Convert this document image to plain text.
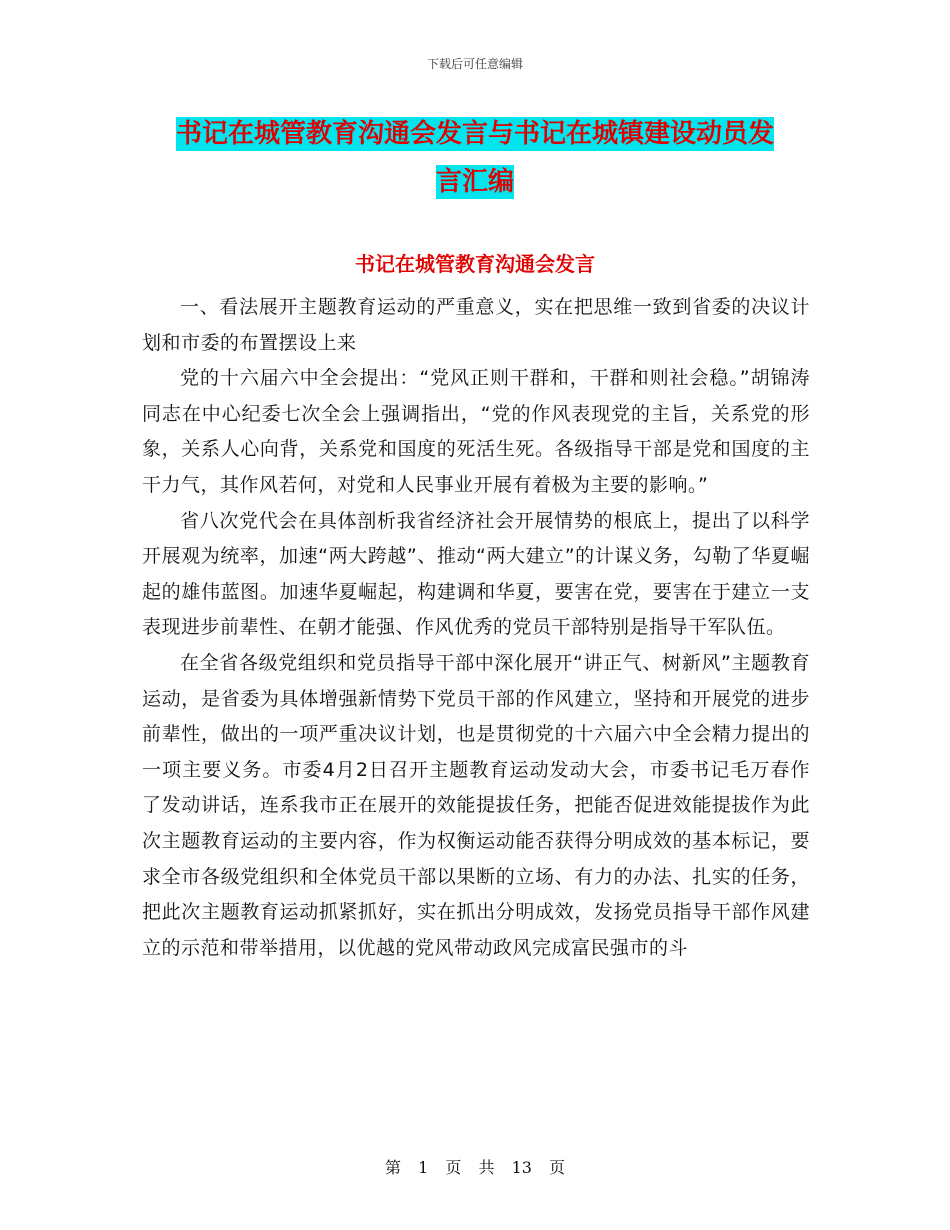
下载后可任意编辑
书记在城管教育沟通会发言与书记在城镇建设动员发
言汇编
书记在城管教育沟通会发言

一、看法展开主题教育运动的严重意义，实在把思维一致到省委的决议计划和市委的布置摆设上来

党的十六届六中全会提出：“党风正则干群和，干群和则社会稳。”胡锦涛同志在中心纪委七次全会上强调指出，“党的作风表现党的主旨，关系党的形象，关系人心向背，关系党和国度的死活生死。各级指导干部是党和国度的主干力气，其作风若何，对党和人民事业开展有着极为主要的影响。”

省八次党代会在具体剖析我省经济社会开展情势的根底上，提出了以科学开展观为统率，加速“两大跨越”、推动“两大建立”的计谋义务，勾勒了华夏崛起的雄伟蓝图。加速华夏崛起，构建调和华夏，要害在党，要害在于建立一支表现进步前辈性、在朝才能强、作风优秀的党员干部特别是指导干军队伍。

在全省各级党组织和党员指导干部中深化展开“讲正气、树新风”主题教育运动，是省委为具体增强新情势下党员干部的作风建立，坚持和开展党的进步前辈性，做出的一项严重决议计划，也是贯彻党的十六届六中全会精力提出的一项主要义务。市委4月2日召开主题教育运动发动大会，市委书记毛万春作了发动讲话，连系我市正在展开的效能提拔任务，把能否促进效能提拔作为此次主题教育运动的主要内容，作为权衡运动能否获得分明成效的基本标记，要求全市各级党组织和全体党员干部以果断的立场、有力的办法、扎实的任务，把此次主题教育运动抓紧抓好，实在抓出分明成效，发扬党员指导干部作风建立的示范和带举措用，以优越的党风带动政风完成富民强市的斗

第 1 页 共 13 页
